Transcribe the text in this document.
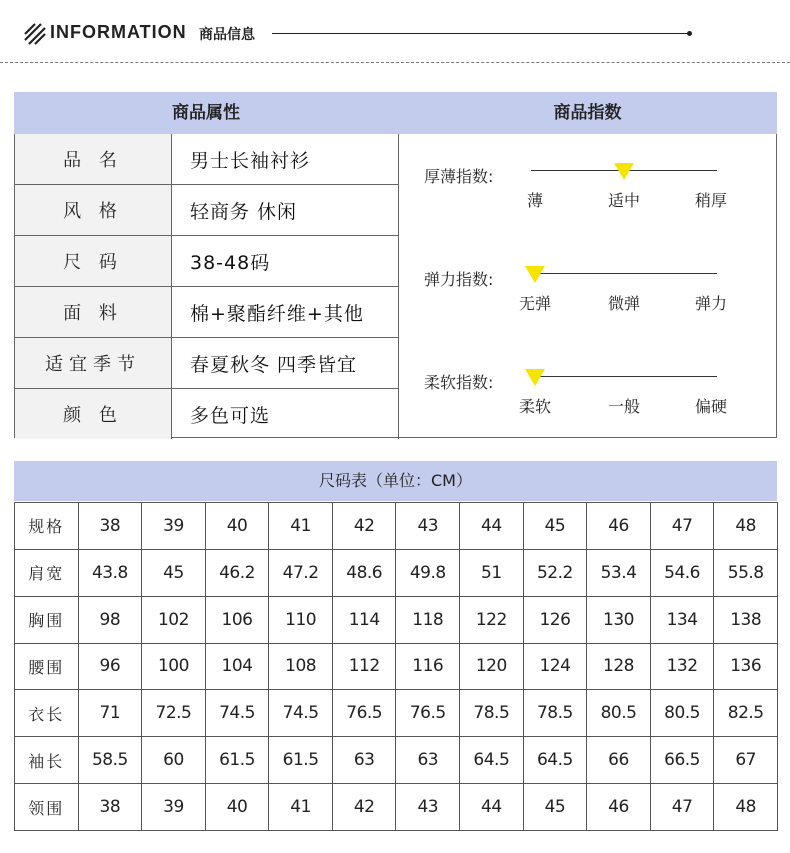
INFORMATION 商品信息
商品属性	商品指数
品 名	男士长袖衬衫
风 格	轻商务 休闲
尺 码	38-48码
面 料	棉+聚酯纤维+其他
适宜季节	春夏秋冬 四季皆宜
颜 色	多色可选
厚薄指数:
薄	适中	稍厚
弹力指数:
无弹	微弹	弹力
柔软指数:
柔软	一般	偏硬
尺码表（单位：CM）
规格	38	39	40	41	42	43	44	45	46	47	48
肩宽	43.8	45	46.2	47.2	48.6	49.8	51	52.2	53.4	54.6	55.8
胸围	98	102	106	110	114	118	122	126	130	134	138
腰围	96	100	104	108	112	116	120	124	128	132	136
衣长	71	72.5	74.5	74.5	76.5	76.5	78.5	78.5	80.5	80.5	82.5
袖长	58.5	60	61.5	61.5	63	63	64.5	64.5	66	66.5	67
领围	38	39	40	41	42	43	44	45	46	47	48
